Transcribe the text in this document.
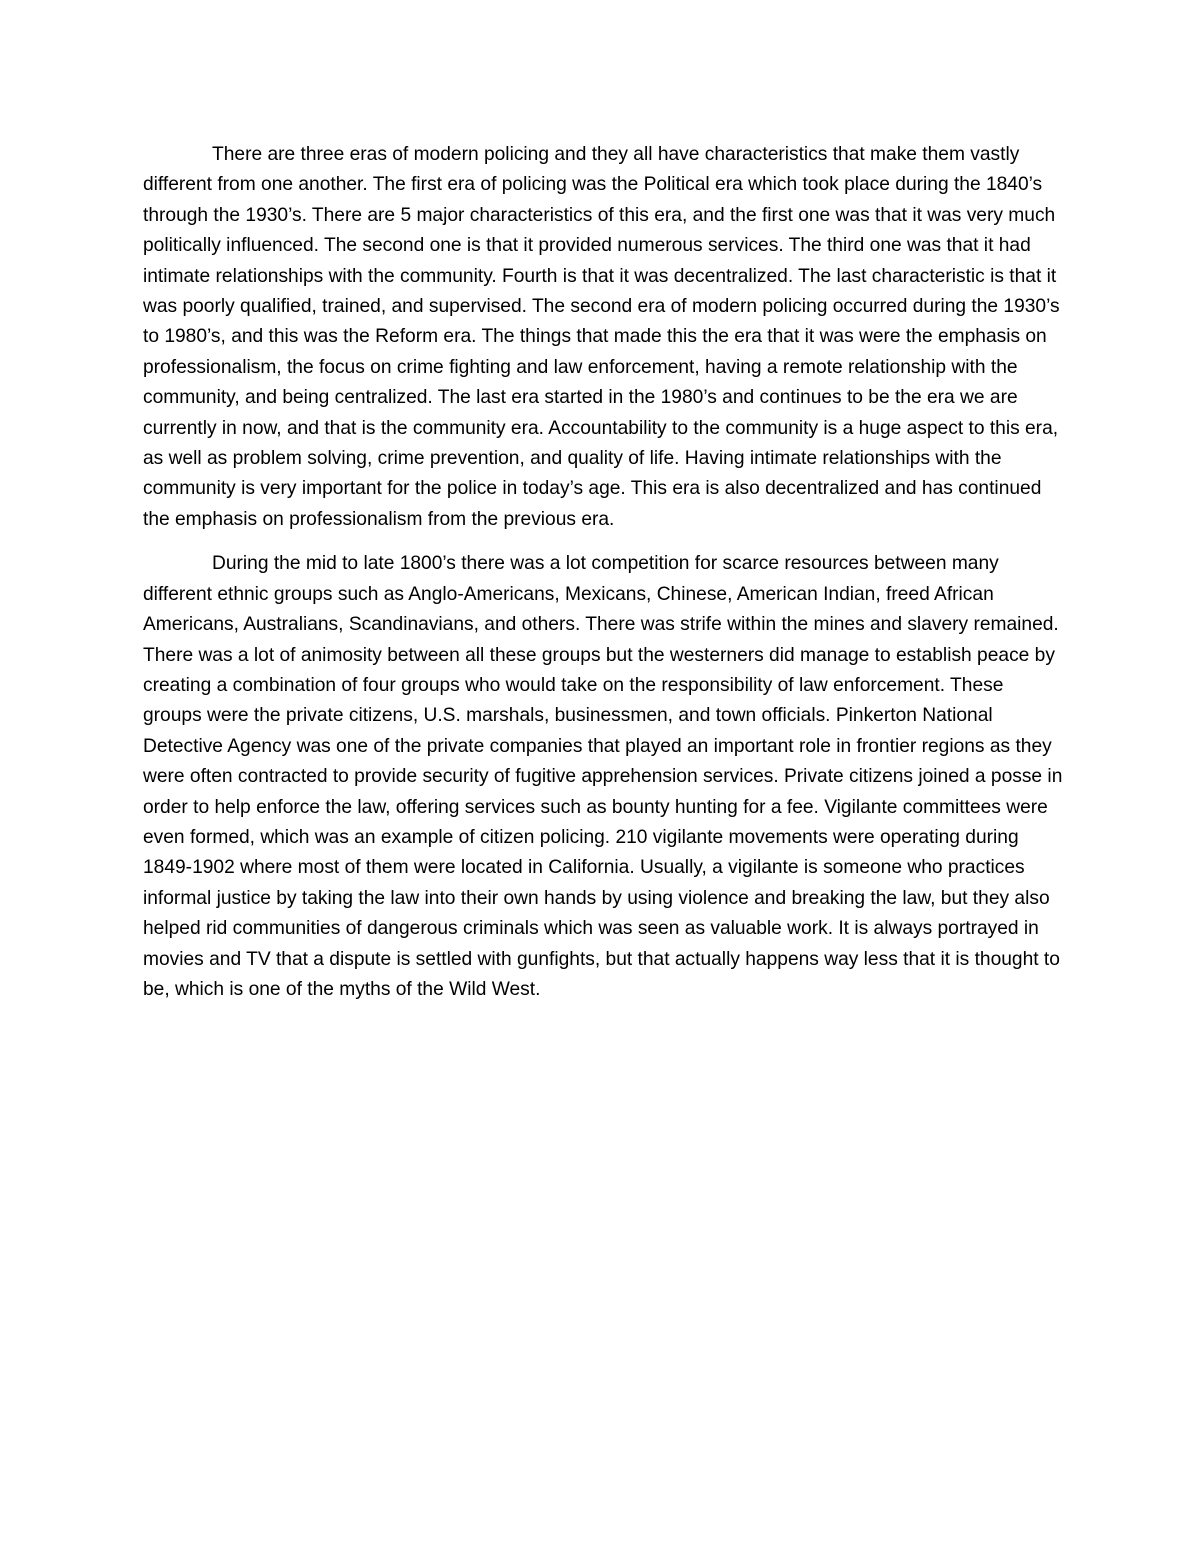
There are three eras of modern policing and they all have characteristics that make them vastly different from one another. The first era of policing was the Political era which took place during the 1840’s through the 1930’s. There are 5 major characteristics of this era, and the first one was that it was very much politically influenced. The second one is that it provided numerous services. The third one was that it had intimate relationships with the community. Fourth is that it was decentralized. The last characteristic is that it was poorly qualified, trained, and supervised. The second era of modern policing occurred during the 1930’s to 1980’s, and this was the Reform era. The things that made this the era that it was were the emphasis on professionalism, the focus on crime fighting and law enforcement, having a remote relationship with the community, and being centralized. The last era started in the 1980’s and continues to be the era we are currently in now, and that is the community era. Accountability to the community is a huge aspect to this era, as well as problem solving, crime prevention, and quality of life. Having intimate relationships with the community is very important for the police in today’s age. This era is also decentralized and has continued the emphasis on professionalism from the previous era.

During the mid to late 1800’s there was a lot competition for scarce resources between many different ethnic groups such as Anglo-Americans, Mexicans, Chinese, American Indian, freed African Americans, Australians, Scandinavians, and others. There was strife within the mines and slavery remained. There was a lot of animosity between all these groups but the westerners did manage to establish peace by creating a combination of four groups who would take on the responsibility of law enforcement. These groups were the private citizens, U.S. marshals, businessmen, and town officials. Pinkerton National Detective Agency was one of the private companies that played an important role in frontier regions as they were often contracted to provide security of fugitive apprehension services. Private citizens joined a posse in order to help enforce the law, offering services such as bounty hunting for a fee. Vigilante committees were even formed, which was an example of citizen policing. 210 vigilante movements were operating during 1849-1902 where most of them were located in California. Usually, a vigilante is someone who practices informal justice by taking the law into their own hands by using violence and breaking the law, but they also helped rid communities of dangerous criminals which was seen as valuable work. It is always portrayed in movies and TV that a dispute is settled with gunfights, but that actually happens way less that it is thought to be, which is one of the myths of the Wild West.
